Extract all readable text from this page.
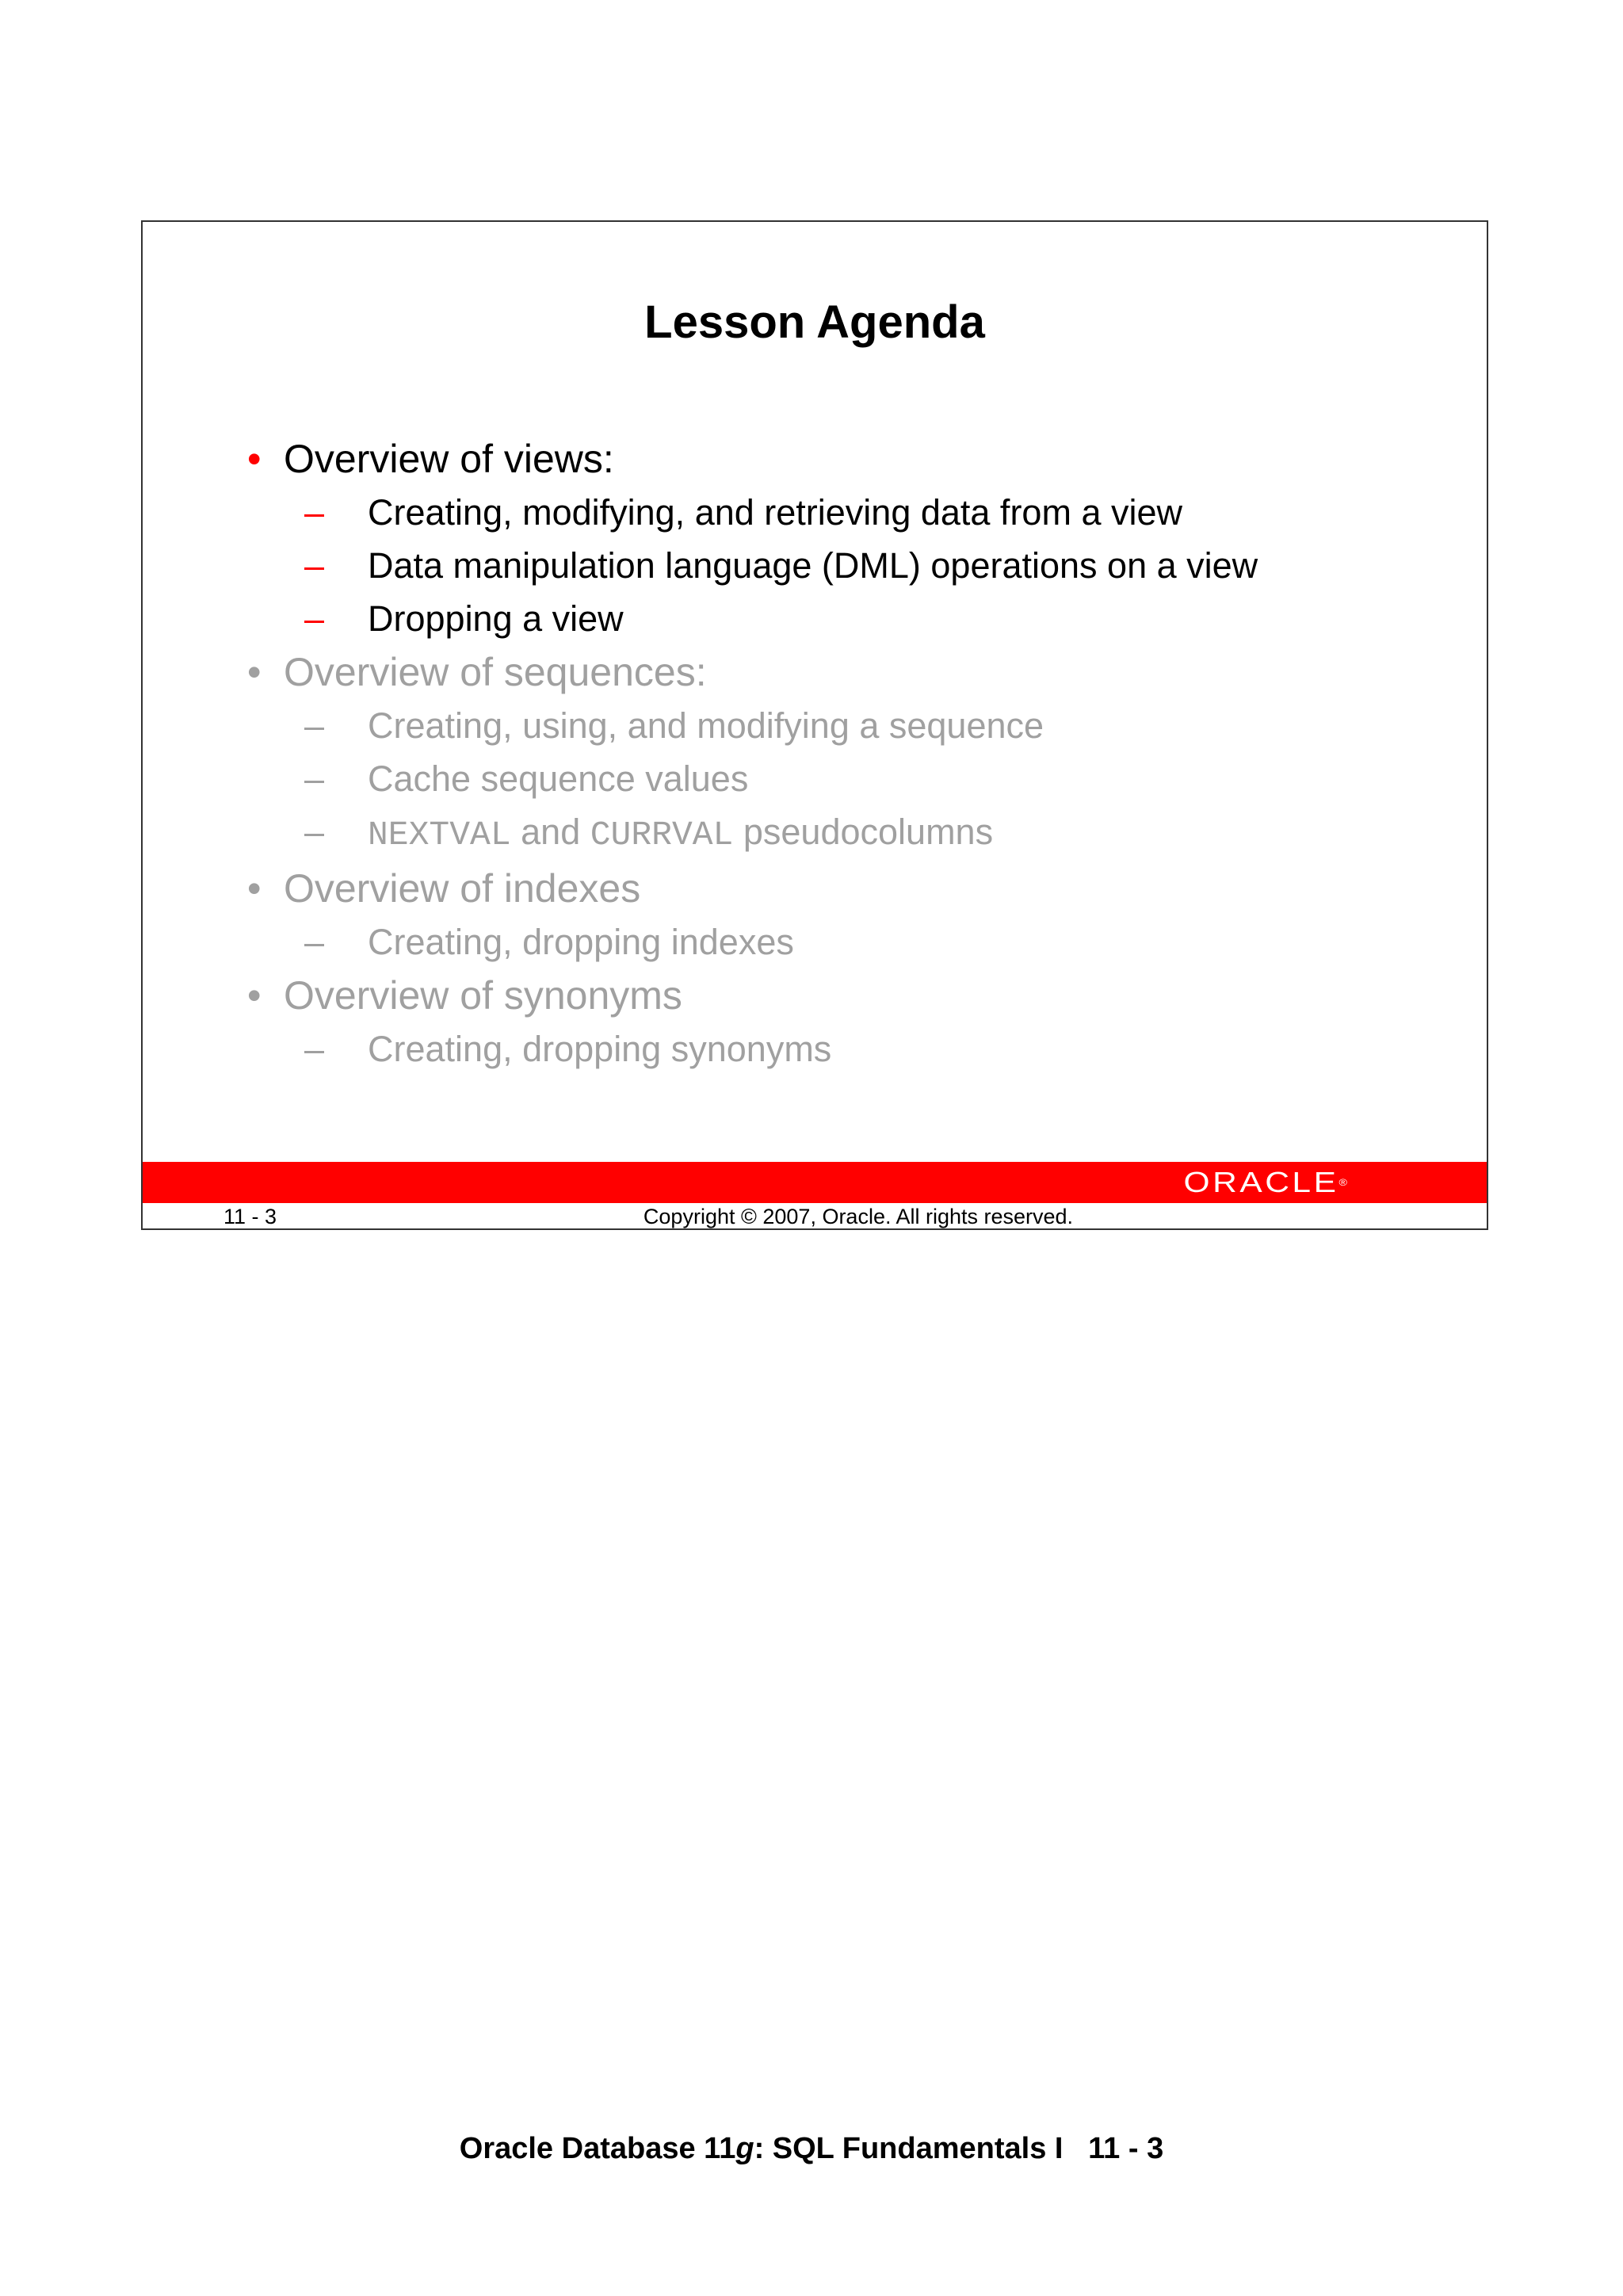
Lesson Agenda
• Overview of views:
– Creating, modifying, and retrieving data from a view
– Data manipulation language (DML) operations on a view
– Dropping a view
• Overview of sequences:
– Creating, using, and modifying a sequence
– Cache sequence values
– NEXTVAL and CURRVAL pseudocolumns
• Overview of indexes
– Creating, dropping indexes
• Overview of synonyms
– Creating, dropping synonyms
ORACLE®
11 - 3	Copyright © 2007, Oracle. All rights reserved.
Oracle Database 11g: SQL Fundamentals I   11 - 3
